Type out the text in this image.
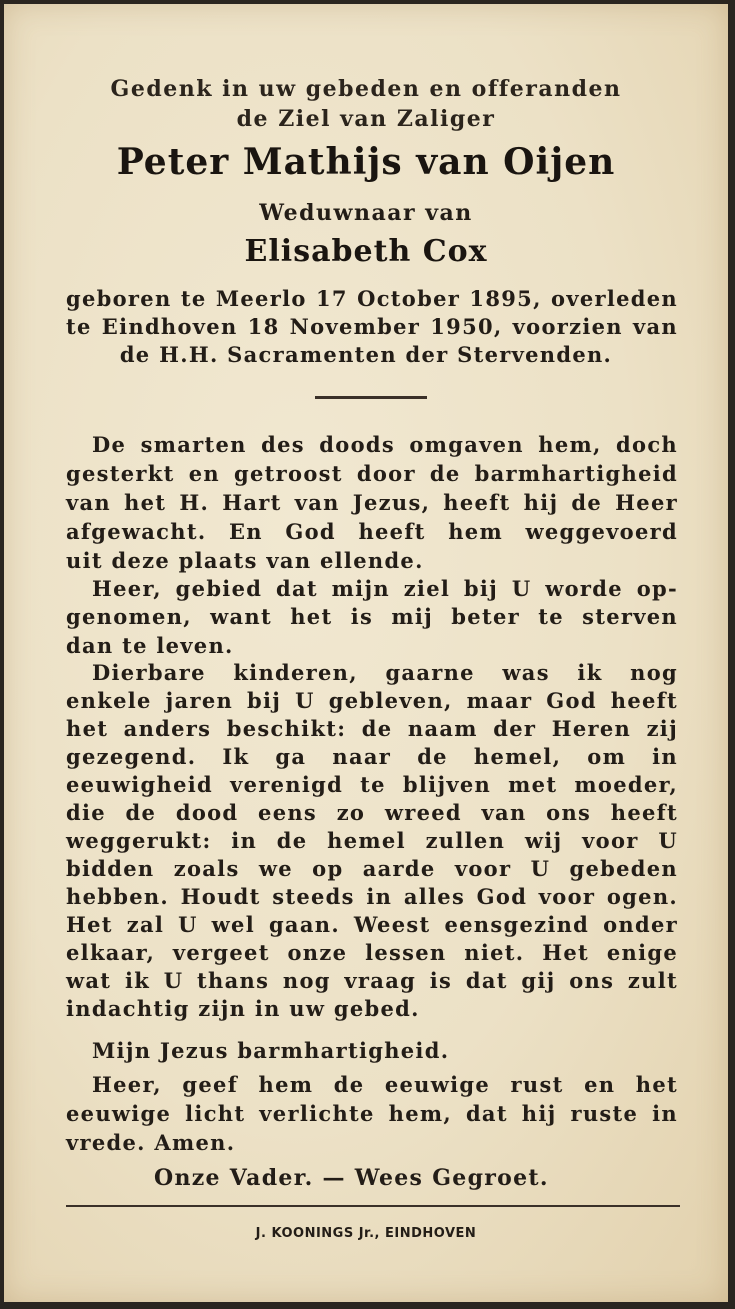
Gedenk in uw gebeden en offeranden
de Ziel van Zaliger
Peter Mathijs van Oijen
Weduwnaar van
Elisabeth Cox
geboren te Meerlo 17 October 1895, overleden
te Eindhoven 18 November 1950, voorzien van
de H.H. Sacramenten der Stervenden.
De smarten des doods omgaven hem, doch
gesterkt en getroost door de barmhartigheid
van het H. Hart van Jezus, heeft hij de Heer
afgewacht. En God heeft hem weggevoerd
uit deze plaats van ellende.
Heer, gebied dat mijn ziel bij U worde op-
genomen, want het is mij beter te sterven
dan te leven.
Dierbare kinderen, gaarne was ik nog
enkele jaren bij U gebleven, maar God heeft
het anders beschikt: de naam der Heren zij
gezegend. Ik ga naar de hemel, om in
eeuwigheid verenigd te blijven met moeder,
die de dood eens zo wreed van ons heeft
weggerukt: in de hemel zullen wij voor U
bidden zoals we op aarde voor U gebeden
hebben. Houdt steeds in alles God voor ogen.
Het zal U wel gaan. Weest eensgezind onder
elkaar, vergeet onze lessen niet. Het enige
wat ik U thans nog vraag is dat gij ons zult
indachtig zijn in uw gebed.
Mijn Jezus barmhartigheid.
Heer, geef hem de eeuwige rust en het
eeuwige licht verlichte hem, dat hij ruste in
vrede. Amen.
Onze Vader. — Wees Gegroet.
J. KOONINGS Jr., EINDHOVEN
